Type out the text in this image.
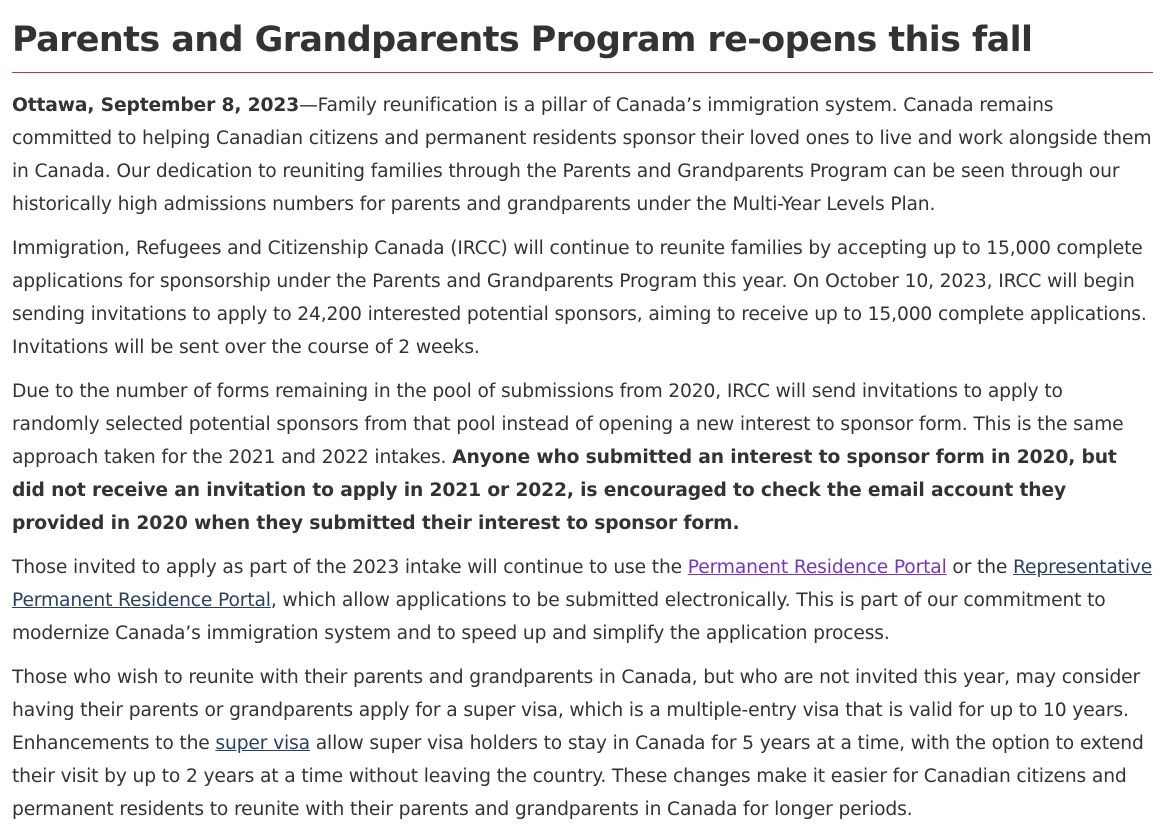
Parents and Grandparents Program re-opens this fall

Ottawa, September 8, 2023—Family reunification is a pillar of Canada’s immigration system. Canada remains committed to helping Canadian citizens and permanent residents sponsor their loved ones to live and work alongside them in Canada. Our dedication to reuniting families through the Parents and Grandparents Program can be seen through our historically high admissions numbers for parents and grandparents under the Multi-Year Levels Plan.

Immigration, Refugees and Citizenship Canada (IRCC) will continue to reunite families by accepting up to 15,000 complete applications for sponsorship under the Parents and Grandparents Program this year. On October 10, 2023, IRCC will begin sending invitations to apply to 24,200 interested potential sponsors, aiming to receive up to 15,000 complete applications. Invitations will be sent over the course of 2 weeks.

Due to the number of forms remaining in the pool of submissions from 2020, IRCC will send invitations to apply to randomly selected potential sponsors from that pool instead of opening a new interest to sponsor form. This is the same approach taken for the 2021 and 2022 intakes. Anyone who submitted an interest to sponsor form in 2020, but did not receive an invitation to apply in 2021 or 2022, is encouraged to check the email account they provided in 2020 when they submitted their interest to sponsor form.

Those invited to apply as part of the 2023 intake will continue to use the Permanent Residence Portal or the Representative Permanent Residence Portal, which allow applications to be submitted electronically. This is part of our commitment to modernize Canada’s immigration system and to speed up and simplify the application process.

Those who wish to reunite with their parents and grandparents in Canada, but who are not invited this year, may consider having their parents or grandparents apply for a super visa, which is a multiple-entry visa that is valid for up to 10 years. Enhancements to the super visa allow super visa holders to stay in Canada for 5 years at a time, with the option to extend their visit by up to 2 years at a time without leaving the country. These changes make it easier for Canadian citizens and permanent residents to reunite with their parents and grandparents in Canada for longer periods.
